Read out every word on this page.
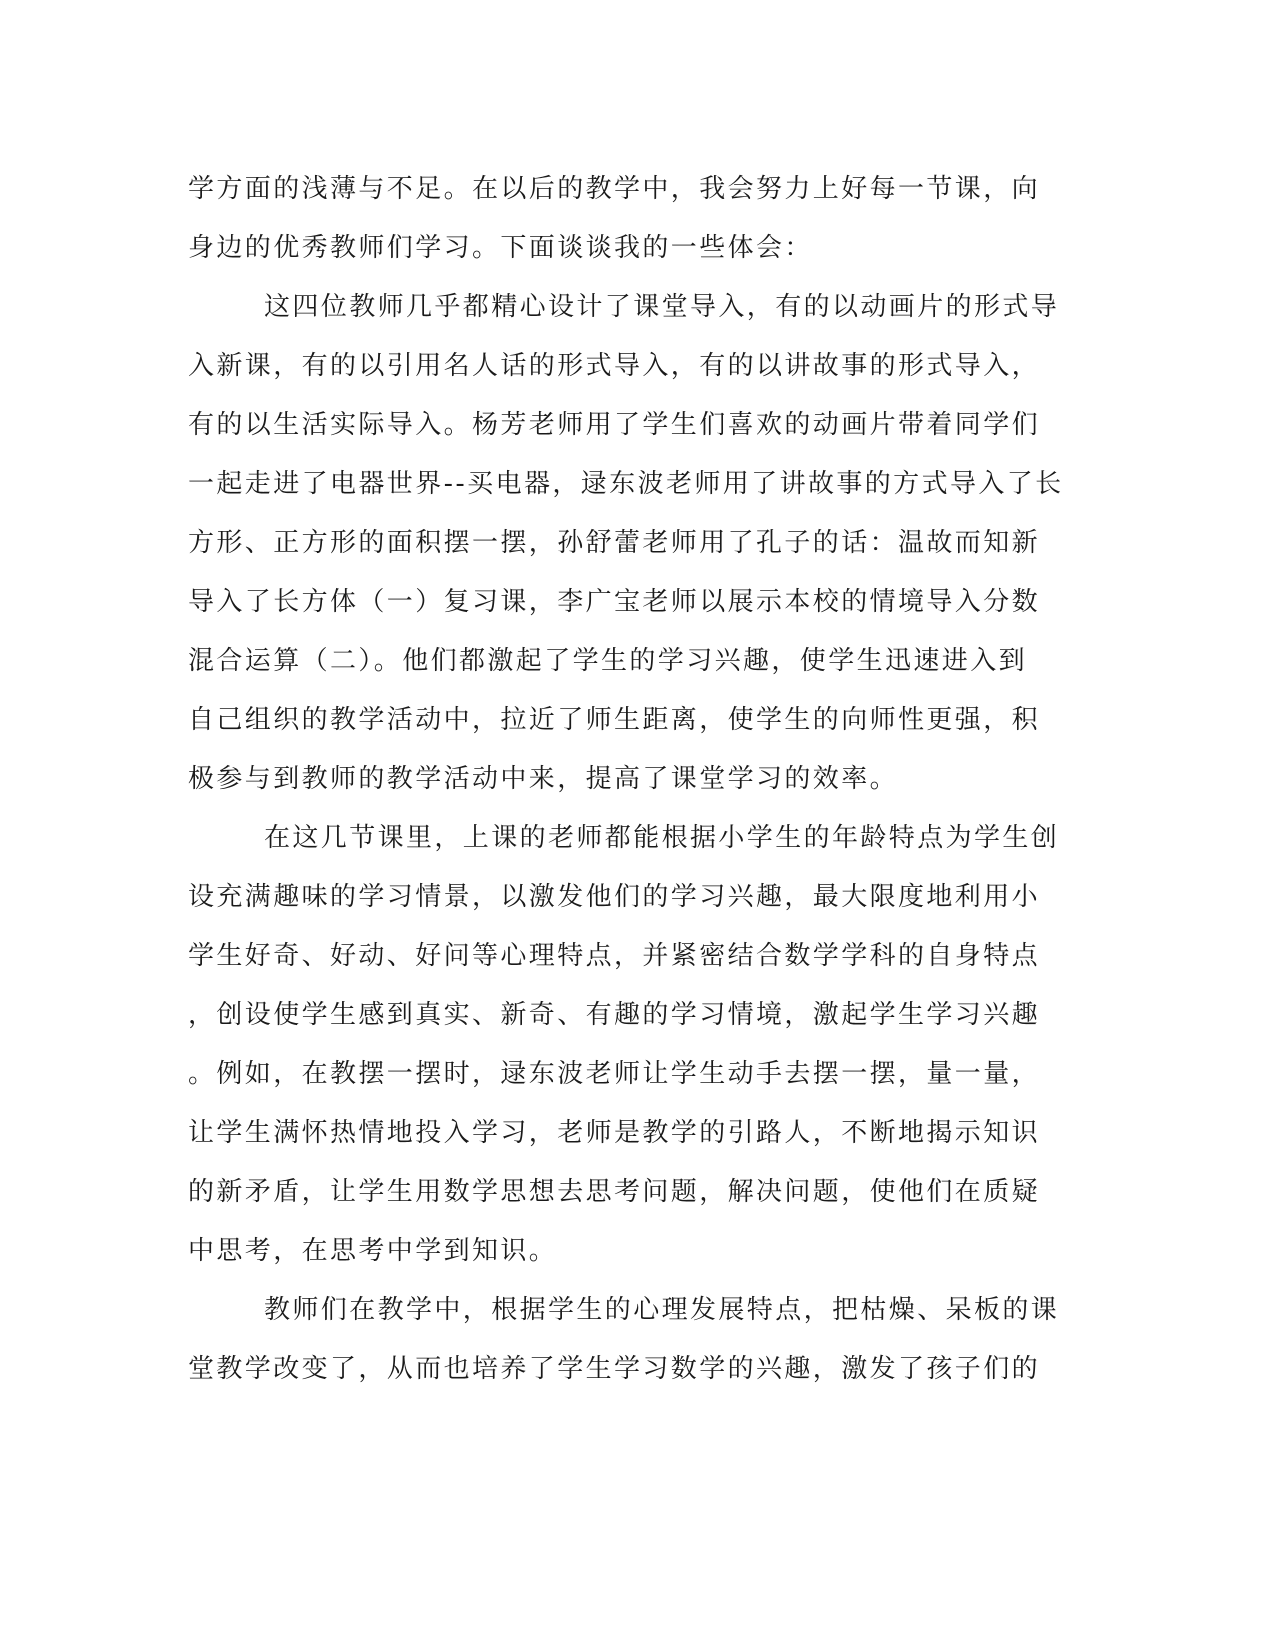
学方面的浅薄与不足。在以后的教学中，我会努力上好每一节课，向
身边的优秀教师们学习。下面谈谈我的一些体会：
这四位教师几乎都精心设计了课堂导入，有的以动画片的形式导
入新课，有的以引用名人话的形式导入，有的以讲故事的形式导入，
有的以生活实际导入。杨芳老师用了学生们喜欢的动画片带着同学们
一起走进了电器世界--买电器，逯东波老师用了讲故事的方式导入了长
方形、正方形的面积摆一摆，孙舒蕾老师用了孔子的话：温故而知新
导入了长方体（一）复习课，李广宝老师以展示本校的情境导入分数
混合运算（二）。他们都激起了学生的学习兴趣，使学生迅速进入到
自己组织的教学活动中，拉近了师生距离，使学生的向师性更强，积
极参与到教师的教学活动中来，提高了课堂学习的效率。
在这几节课里，上课的老师都能根据小学生的年龄特点为学生创
设充满趣味的学习情景，以激发他们的学习兴趣，最大限度地利用小
学生好奇、好动、好问等心理特点，并紧密结合数学学科的自身特点
，创设使学生感到真实、新奇、有趣的学习情境，激起学生学习兴趣
。例如，在教摆一摆时，逯东波老师让学生动手去摆一摆，量一量，
让学生满怀热情地投入学习，老师是教学的引路人，不断地揭示知识
的新矛盾，让学生用数学思想去思考问题，解决问题，使他们在质疑
中思考，在思考中学到知识。
教师们在教学中，根据学生的心理发展特点，把枯燥、呆板的课
堂教学改变了，从而也培养了学生学习数学的兴趣，激发了孩子们的
